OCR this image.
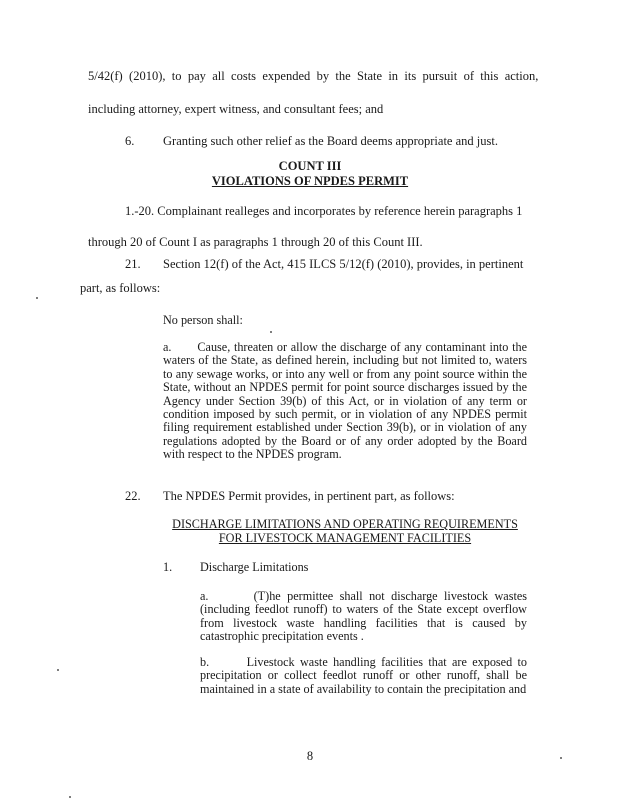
5/42(f) (2010), to pay all costs expended by the State in its pursuit of this action,
including attorney, expert witness, and consultant fees; and
6. Granting such other relief as the Board deems appropriate and just.
COUNT III
VIOLATIONS OF NPDES PERMIT
1.-20. Complainant realleges and incorporates by reference herein paragraphs 1
through 20 of Count I as paragraphs 1 through 20 of this Count III.
21. Section 12(f) of the Act, 415 ILCS 5/12(f) (2010), provides, in pertinent
part, as follows:
No person shall:
a.       Cause, threaten or allow the discharge of any contaminant into the waters of the State, as defined herein, including but not limited to, waters to any sewage works, or into any well or from any point source within the State, without an NPDES permit for point source discharges issued by the Agency under Section 39(b) of this Act, or in violation of any term or condition imposed by such permit, or in violation of any NPDES permit filing requirement established under Section 39(b), or in violation of any regulations adopted by the Board or of any order adopted by the Board with respect to the NPDES program.
22. The NPDES Permit provides, in pertinent part, as follows:
DISCHARGE LIMITATIONS AND OPERATING REQUIREMENTS
FOR LIVESTOCK MANAGEMENT FACILITIES
1. Discharge Limitations
a.       (T)he permittee shall not discharge livestock wastes (including feedlot runoff) to waters of the State except overflow from livestock waste handling facilities that is caused by catastrophic precipitation events .
b.       Livestock waste handling facilities that are exposed to precipitation or collect feedlot runoff or other runoff, shall be maintained in a state of availability to contain the precipitation and
8
